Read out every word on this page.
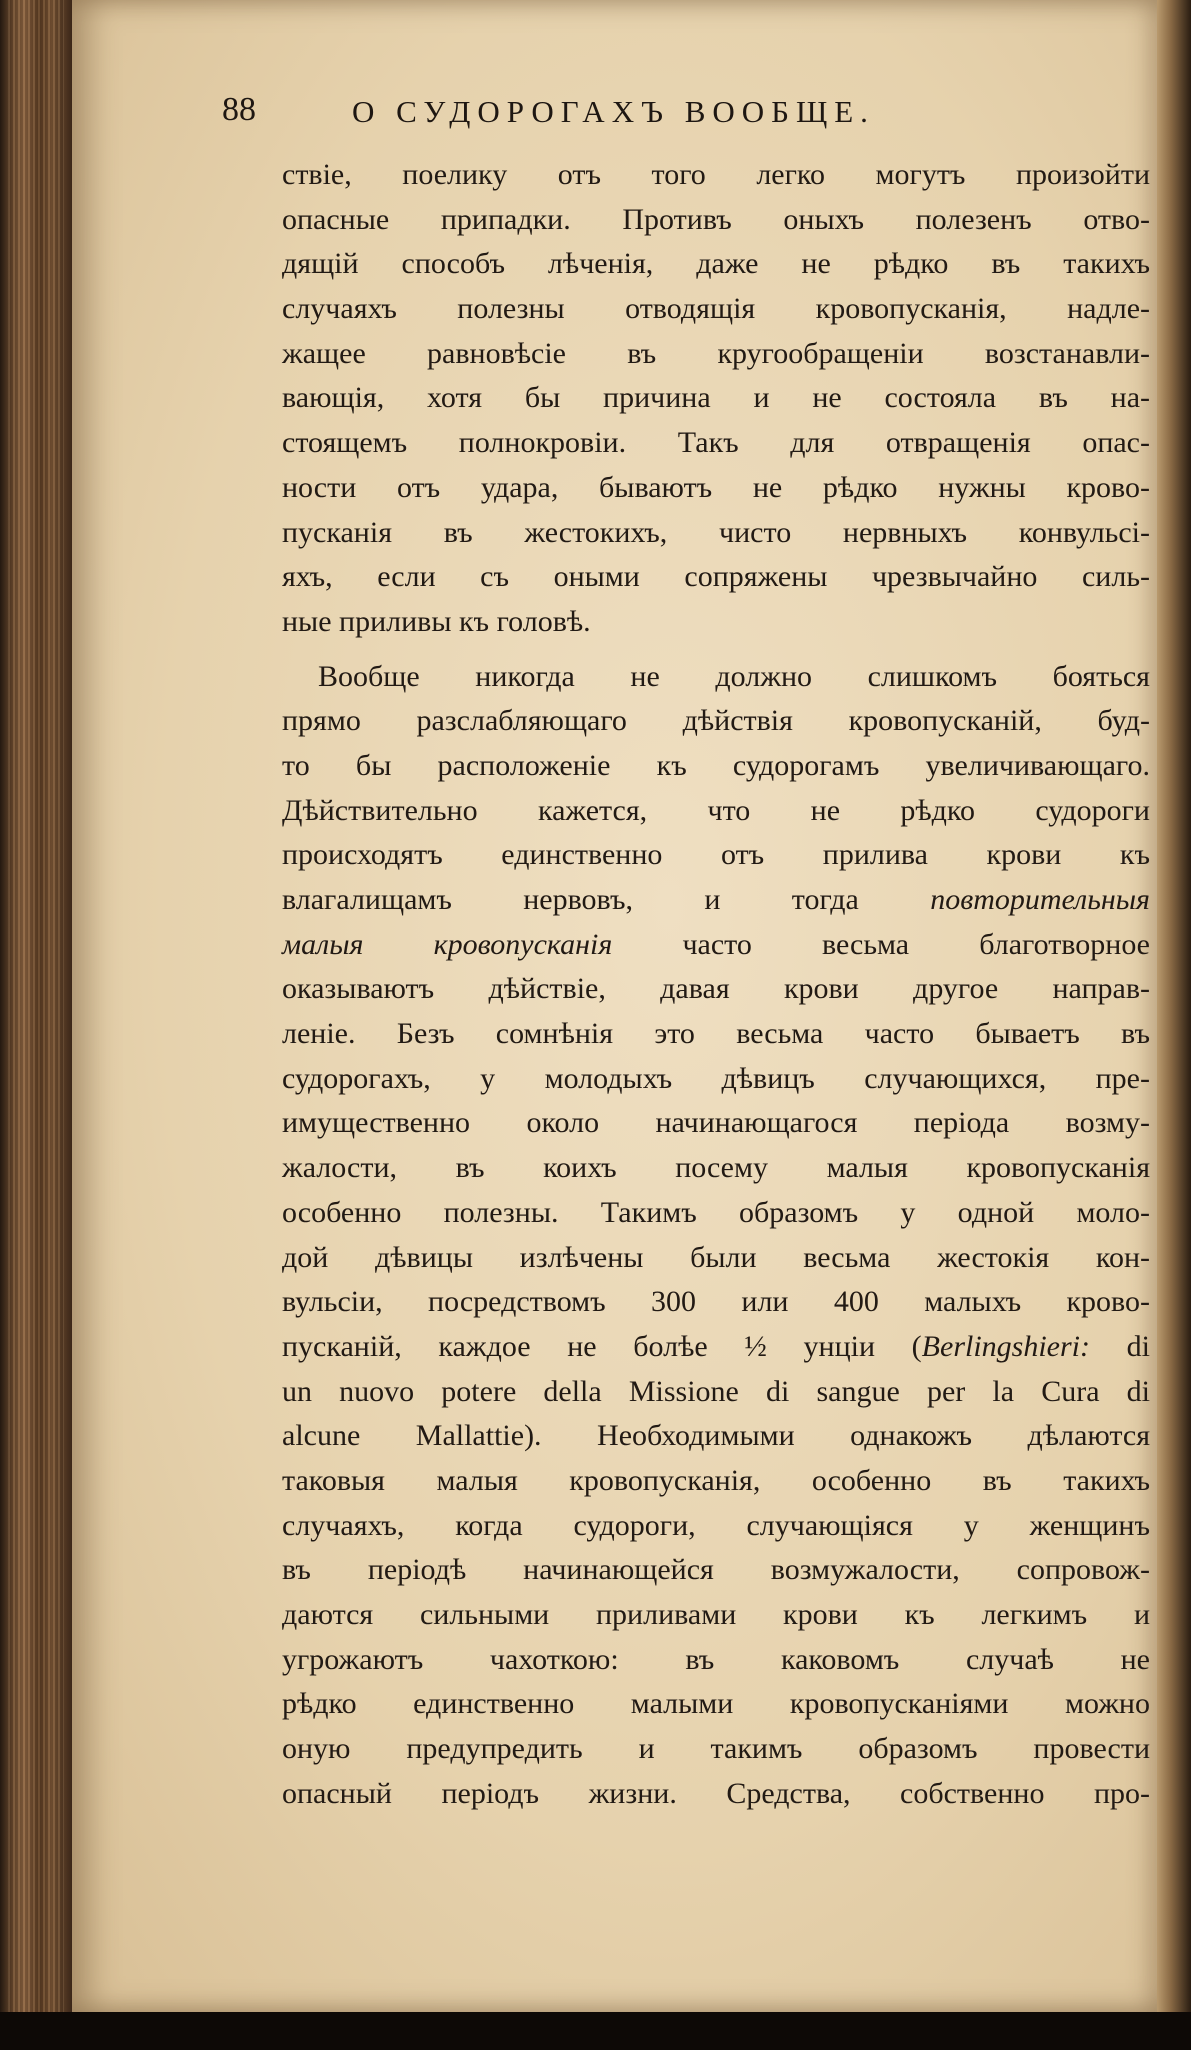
88	О СУДОРОГАХЪ ВООБЩЕ.
ствіе, поелику отъ того легко могутъ произойти
опасные припадки. Противъ оныхъ полезенъ отво-
дящій способъ лѣченія, даже не рѣдко въ такихъ
случаяхъ полезны отводящія кровопусканія, надле-
жащее равновѣсіе въ кругообращеніи возстанавли-
вающія, хотя бы причина и не состояла въ на-
стоящемъ полнокровіи. Такъ для отвращенія опас-
ности отъ удара, бываютъ не рѣдко нужны крово-
пусканія въ жестокихъ, чисто нервныхъ конвульсі-
яхъ, если съ оными сопряжены чрезвычайно силь-
ные приливы къ головѣ.
Вообще никогда не должно слишкомъ бояться
прямо разслабляющаго дѣйствія кровопусканій, буд-
то бы расположеніе къ судорогамъ увеличивающаго.
Дѣйствительно кажется, что не рѣдко судороги
происходятъ единственно отъ прилива крови къ
влагалищамъ нервовъ, и тогда повторительныя
малыя кровопусканія часто весьма благотворное
оказываютъ дѣйствіе, давая крови другое направ-
леніе. Безъ сомнѣнія это весьма часто бываетъ въ
судорогахъ, у молодыхъ дѣвицъ случающихся, пре-
имущественно около начинающагося періода возму-
жалости, въ коихъ посему малыя кровопусканія
особенно полезны. Такимъ образомъ у одной моло-
дой дѣвицы излѣчены были весьма жестокія кон-
вульсіи, посредствомъ 300 или 400 малыхъ крово-
пусканій, каждое не болѣе ½ унціи (Berlingshieri: di
un nuovo potere della Missione di sangue per la Cura di
alcune Mallattie). Необходимыми однакожъ дѣлаются
таковыя малыя кровопусканія, особенно въ такихъ
случаяхъ, когда судороги, случающіяся у женщинъ
въ періодѣ начинающейся возмужалости, сопровож-
даются сильными приливами крови къ легкимъ и
угрожаютъ чахоткою: въ каковомъ случаѣ не
рѣдко единственно малыми кровопусканіями можно
оную предупредить и такимъ образомъ провести
опасный періодъ жизни. Средства, собственно про-
